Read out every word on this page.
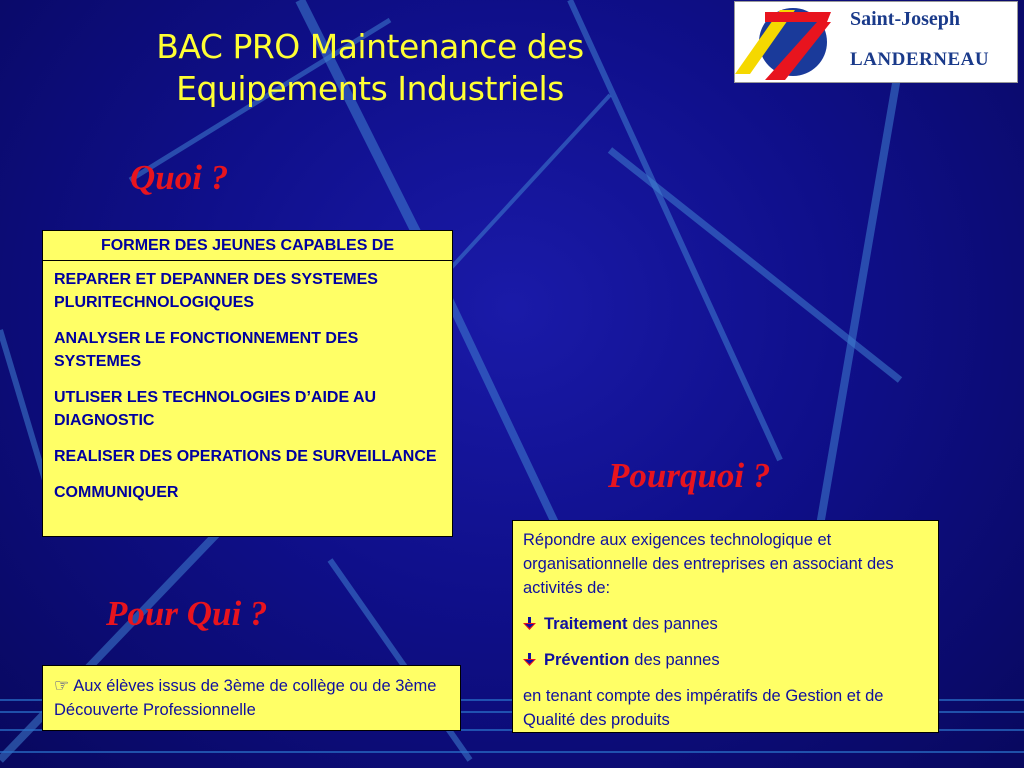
BAC PRO Maintenance des
Equipements Industriels
Saint-Joseph
LANDERNEAU
Quoi ?
FORMER DES JEUNES CAPABLES DE
REPARER ET DEPANNER DES SYSTEMES PLURITECHNOLOGIQUES
ANALYSER LE FONCTIONNEMENT DES SYSTEMES
UTLISER LES TECHNOLOGIES D’AIDE AU DIAGNOSTIC
REALISER DES OPERATIONS DE SURVEILLANCE
COMMUNIQUER	Pourquoi ?

Répondre aux exigences technologique et organisationnelle des entreprises en associant des activités de:

Traitement des pannes
Prévention des pannes

en tenant compte des impératifs de Gestion et de Qualité des produits

Pour Qui ?
☞ Aux élèves issus de 3ème de collège ou de 3ème Découverte Professionnelle
